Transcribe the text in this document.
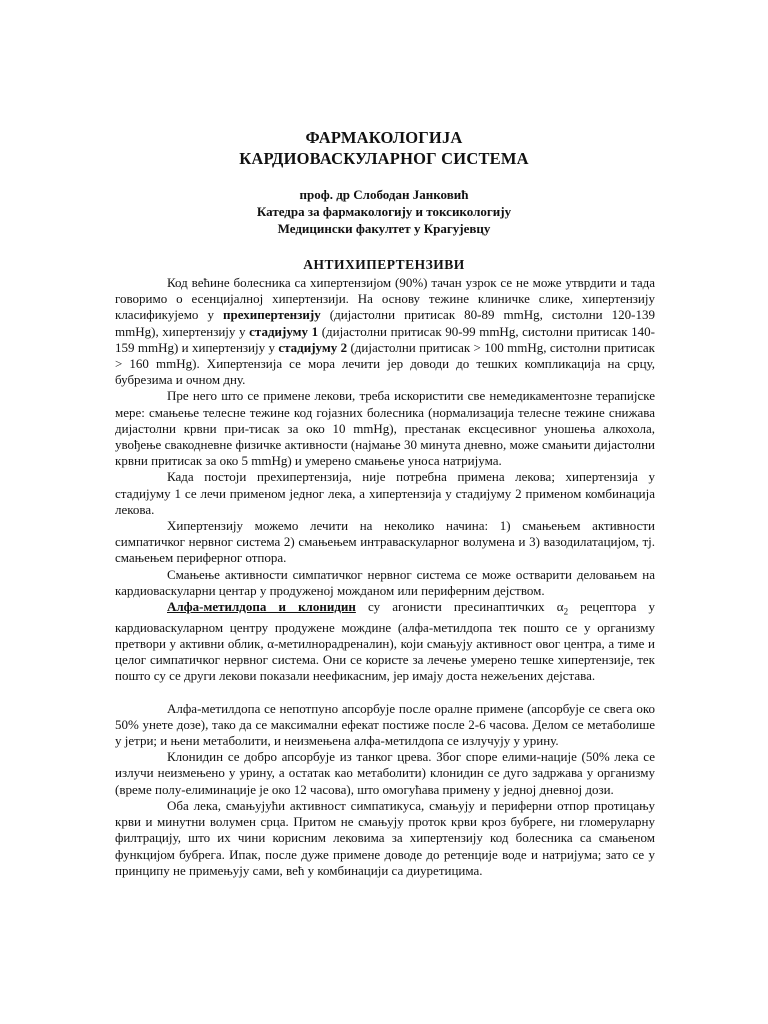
ФАРМАКОЛОГИЈА
КАРДИОВАСКУЛАРНОГ СИСТЕМА
проф. др Слободан Јанковић
Катедра за фармакологију и токсикологију
Медицински факултет у Крагујевцу
АНТИХИПЕРТЕНЗИВИ

Код већине болесника са хипертензијом (90%) тачан узрок се не може утврдити и тада говоримо о есенцијалној хипертензији. На основу тежине клиничке слике, хипертензију класификујемо у прехипертензију (дијастолни притисак 80-89 mmHg, систолни 120-139 mmHg), хипертензију у стадијуму 1 (дијастолни притисак 90-99 mmHg, систолни притисак 140-159 mmHg) и хипертензију у стадијуму 2 (дијастолни притисак > 100 mmHg, систолни притисак > 160 mmHg). Хипертензија се мора лечити јер доводи до тешких компликација на срцу, бубрезима и очном дну.

Пре него што се примене лекови, треба искористити све немедикаментозне терапијске мере: смањење телесне тежине код гојазних болесника (нормализација телесне тежине снижава дијастолни крвни при-тисак за око 10 mmHg), престанак ексцесивног уношења алкохола, увођење свакодневне физичке активности (најмање 30 минута дневно, може смањити дијастолни крвни притисак за око 5 mmHg) и умерено смањење уноса натријума.

Када постоји прехипертензија, није потребна примена лекова; хипертензија у стадијуму 1 се лечи применом једног лека, а хипертензија у стадијуму 2 применом комбинација лекова.

Хипертензију можемо лечити на неколико начина: 1) смањењем активности симпатичког нервног система 2) смањењем интраваскуларног волумена и 3) вазодилатацијом, тј. смањењем периферног отпора.

Смањење активности симпатичког нервног система се може остварити деловањем на кардиоваскуларни центар у продуженој можданом или периферним дејством.

Алфа-метилдопа и клонидин су агонисти пресинаптичких $\alpha_2$ рецептора у кардиоваскуларном центру продужене мождине (алфа-метилдопа тек пошто се у организму претвори у активни облик, α-метилнорадреналин), који смањују активност овог центра, а тиме и целог симпатичког нервног система. Они се користе за лечење умерено тешке хипертензије, тек пошто су се други лекови показали неефикасним, јер имају доста нежељених дејстава.

Алфа-метилдопа се непотпуно апсорбује после оралне примене (апсорбује се свега око 50% унете дозе), тако да се максимални ефекат постиже после 2-6 часова. Делом се метаболише у јетри; и њени метаболити, и неизмењена алфа-метилдопа се излучују у урину.

Клонидин се добро апсорбује из танког црева. Због споре елими-нације (50% лека се излучи неизмењено у урину, а остатак као метаболити) клонидин се дуго задржава у организму (време полу-елиминације је око 12 часова), што омогућава примену у једној дневној дози.

Оба лека, смањујући активност симпатикуса, смањују и периферни отпор протицању крви и минутни волумен срца. Притом не смањују проток крви кроз бубреге, ни гломеруларну филтрацију, што их чини корисним лековима за хипертензију код болесника са смањеном функцијом бубрега. Ипак, после дуже примене доводе до ретенције воде и натријума; зато се у принципу не примењују сами, већ у комбинацији са диуретицима.
